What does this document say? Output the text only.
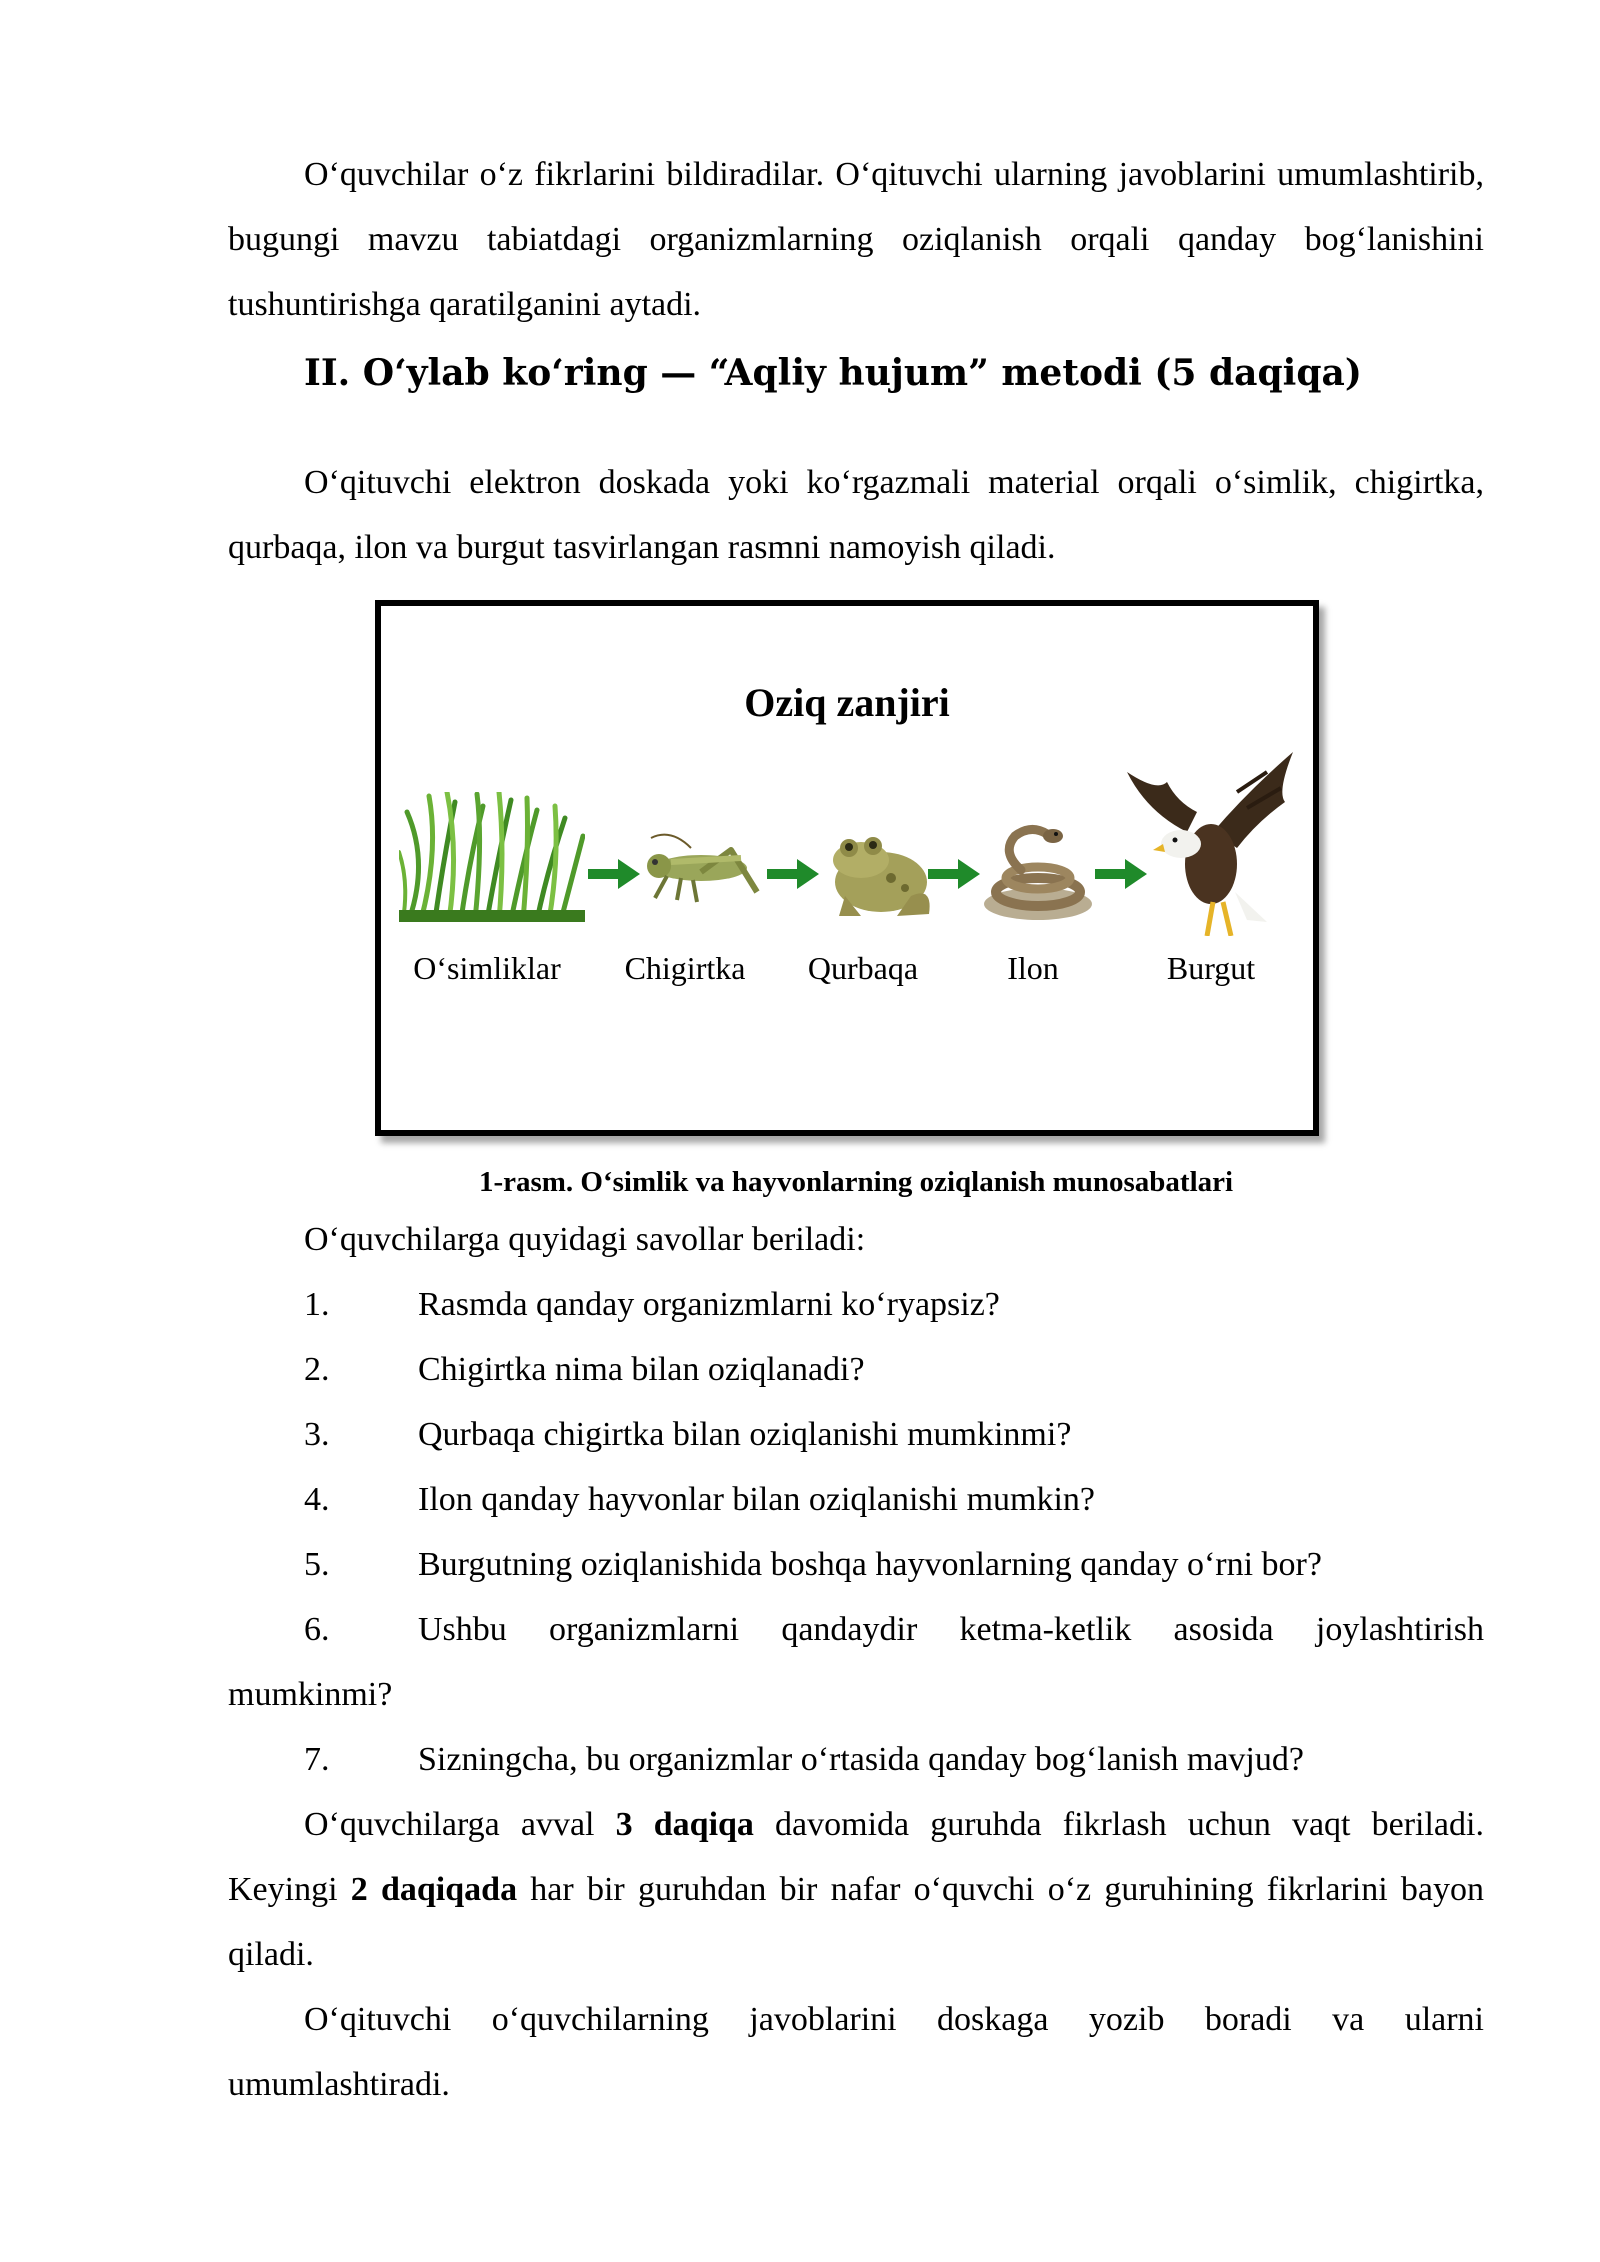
O‘quvchilar o‘z fikrlarini bildiradilar. O‘qituvchi ularning javoblarini umumlashtirib, bugungi mavzu tabiatdagi organizmlarning oziqlanish orqali qanday bog‘lanishini tushuntirishga qaratilganini aytadi.

II. O‘ylab ko‘ring — “Aqliy hujum” metodi (5 daqiqa)

O‘qituvchi elektron doskada yoki ko‘rgazmali material orqali o‘simlik, chigirtka, qurbaqa, ilon va burgut tasvirlangan rasmni namoyish qiladi.

Oziq zanjiri
O‘simliklar	Chigirtka	Qurbaqa	Ilon	Burgut
1-rasm. O‘simlik va hayvonlarning oziqlanish munosabatlari

O‘quvchilarga quyidagi savollar beriladi:

1.	Rasmda qanday organizmlarni ko‘ryapsiz?
2.	Chigirtka nima bilan oziqlanadi?
3.	Qurbaqa chigirtka bilan oziqlanishi mumkinmi?
4.	Ilon qanday hayvonlar bilan oziqlanishi mumkin?
5.	Burgutning oziqlanishida boshqa hayvonlarning qanday o‘rni bor?
6.	Ushbu organizmlarni qandaydir ketma-ketlik asosida joylashtirish
mumkinmi?
7.	Sizningcha, bu organizmlar o‘rtasida qanday bog‘lanish mavjud?

O‘quvchilarga avval 3 daqiqa davomida guruhda fikrlash uchun vaqt beriladi. Keyingi 2 daqiqada har bir guruhdan bir nafar o‘quvchi o‘z guruhining fikrlarini bayon qiladi.

O‘qituvchi o‘quvchilarning javoblarini doskaga yozib boradi va ularni umumlashtiradi.
